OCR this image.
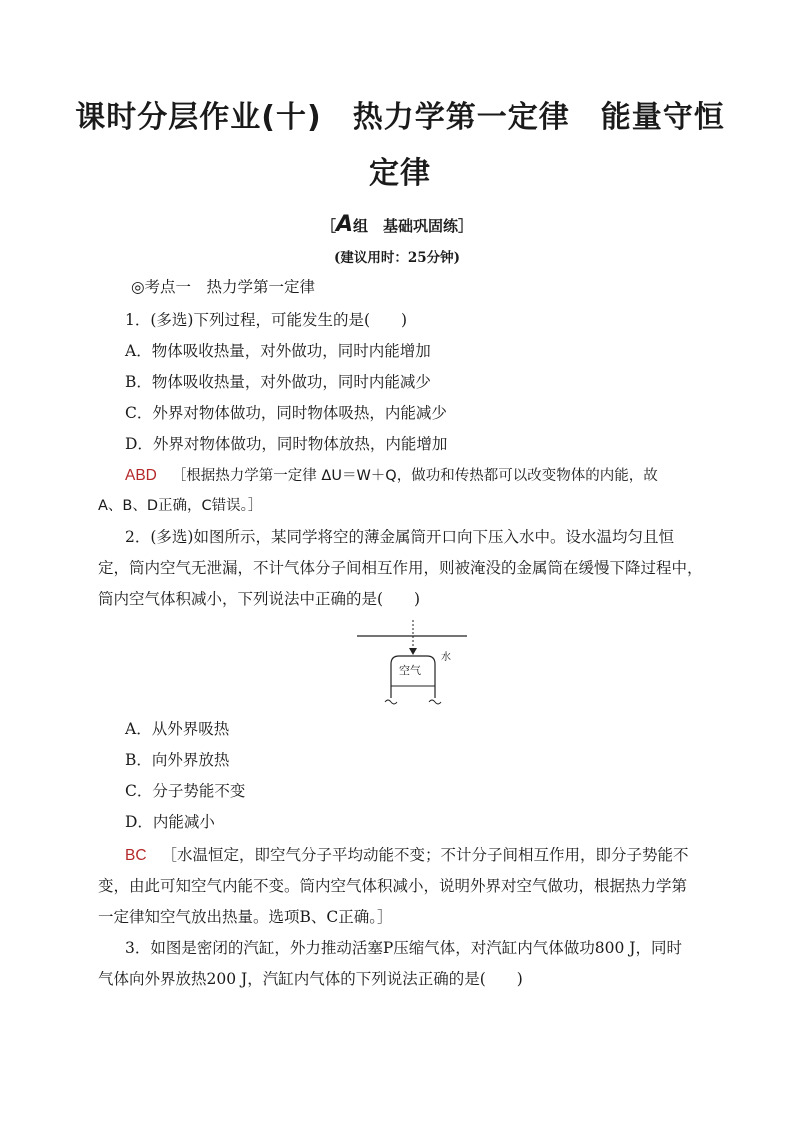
课时分层作业(十)　热力学第一定律　能量守恒
定律
［A组　基础巩固练］
(建议用时：25分钟)
◎考点一　热力学第一定律
1．(多选)下列过程，可能发生的是(　　)
A．物体吸收热量，对外做功，同时内能增加
B．物体吸收热量，对外做功，同时内能减少
C．外界对物体做功，同时物体吸热，内能减少
D．外界对物体做功，同时物体放热，内能增加
ABD ［根据热力学第一定律 ΔU＝W＋Q，做功和传热都可以改变物体的内能，故
A、B、D正确，C错误。］
2．(多选)如图所示，某同学将空的薄金属筒开口向下压入水中。设水温均匀且恒
定，筒内空气无泄漏，不计气体分子间相互作用，则被淹没的金属筒在缓慢下降过程中，
筒内空气体积减小，下列说法中正确的是(　　)
空气
水
A．从外界吸热
B．向外界放热
C．分子势能不变
D．内能减小
BC ［水温恒定，即空气分子平均动能不变；不计分子间相互作用，即分子势能不
变，由此可知空气内能不变。筒内空气体积减小，说明外界对空气做功，根据热力学第
一定律知空气放出热量。选项B、C正确。］
3．如图是密闭的汽缸，外力推动活塞P压缩气体，对汽缸内气体做功800 J，同时
气体向外界放热200 J，汽缸内气体的下列说法正确的是(　　)
